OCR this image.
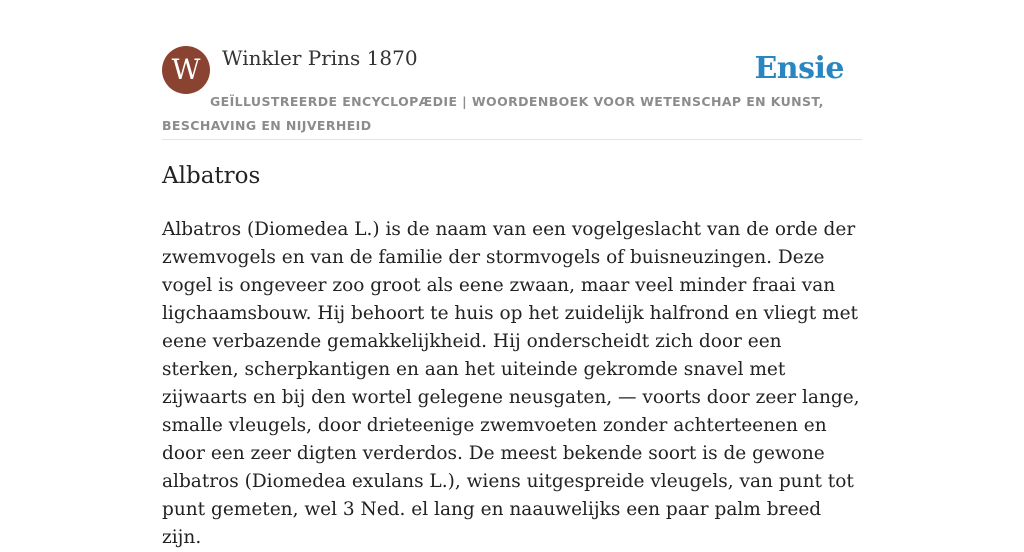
W	Winkler Prins 1870	Ensie
GEÏLLUSTREERDE ENCYCLOPÆDIE | WOORDENBOEK VOOR WETENSCHAP EN KUNST, BESCHAVING EN NIJVERHEID
Albatros

Albatros (Diomedea L.) is de naam van een vogelgeslacht van de orde der zwemvogels en van de familie der stormvogels of buisneuzingen. Deze vogel is ongeveer zoo groot als eene zwaan, maar veel minder fraai van ligchaamsbouw. Hij behoort te huis op het zuidelijk halfrond en vliegt met eene verbazende gemakkelijkheid. Hij onderscheidt zich door een sterken, scherpkantigen en aan het uiteinde gekromde snavel met zijwaarts en bij den wortel gelegene neusgaten, — voorts door zeer lange, smalle vleugels, door drieteenige zwemvoeten zonder achterteenen en door een zeer digten verderdos. De meest bekende soort is de gewone albatros (Diomedea exulans L.), wiens uitgespreide vleugels, van punt tot punt gemeten, wel 3 Ned. el lang en naauwelijks een paar palm breed zijn.
